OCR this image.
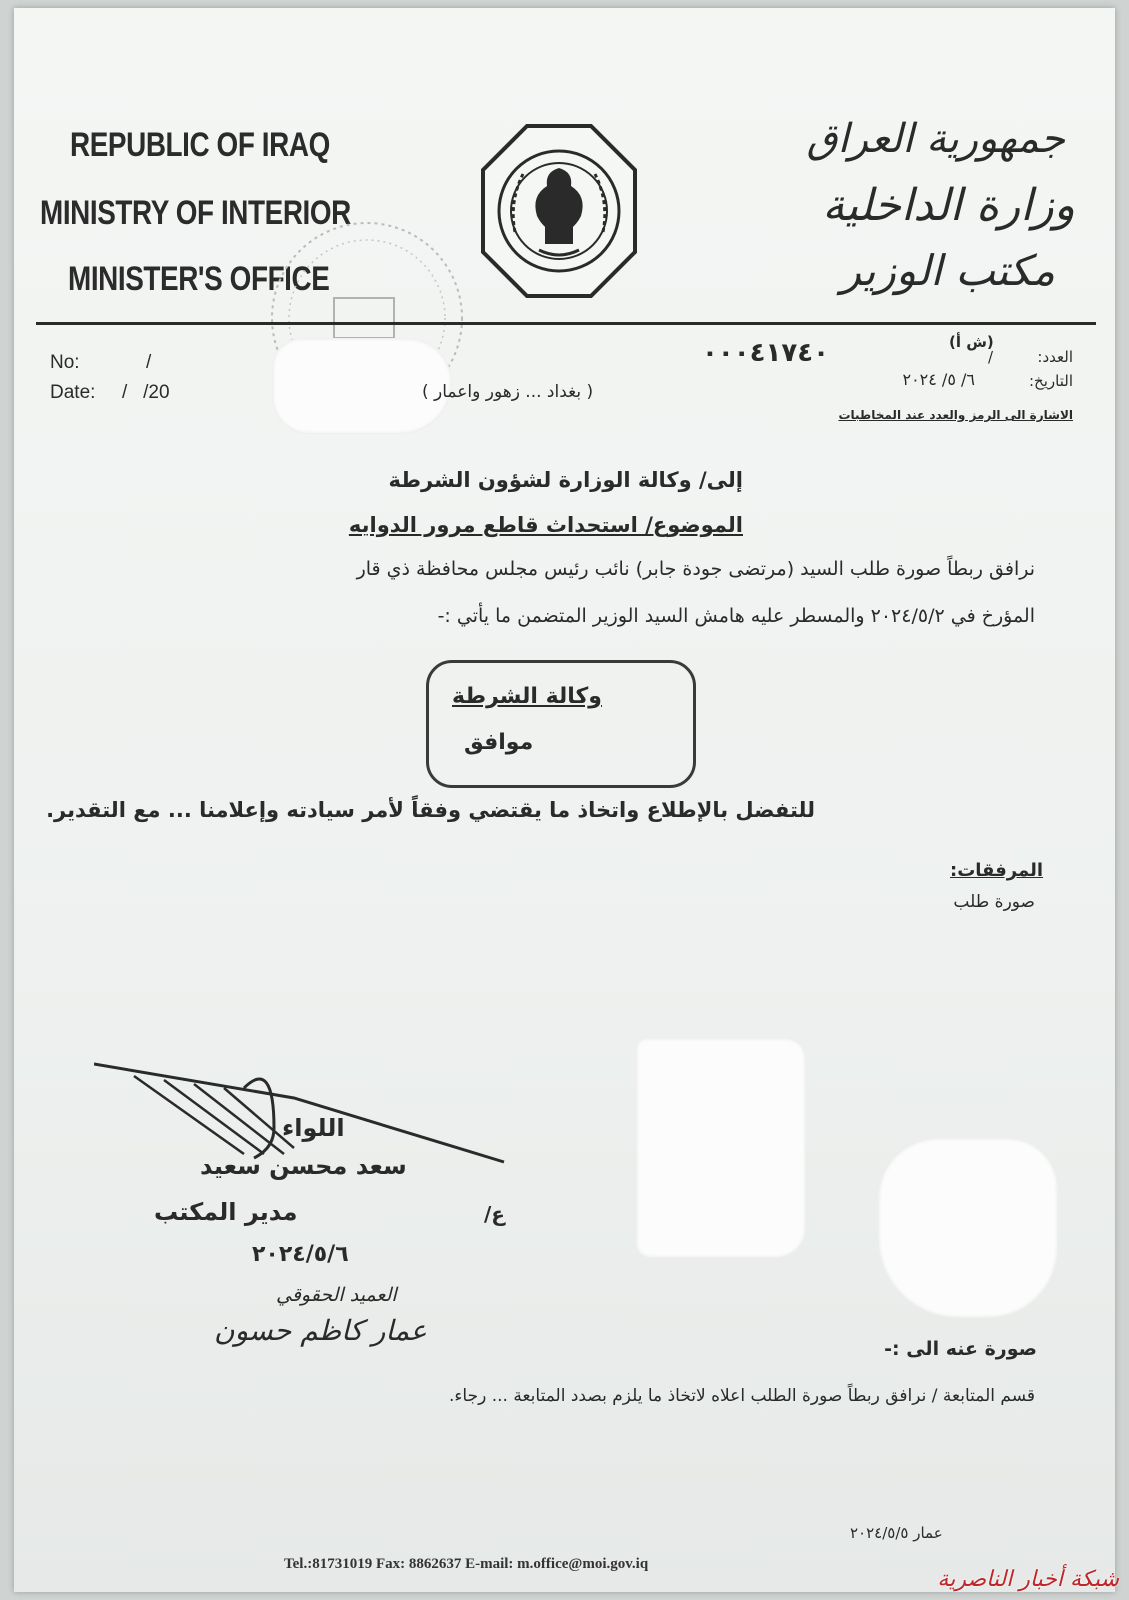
REPUBLIC OF IRAQ
MINISTRY OF INTERIOR
MINISTER'S OFFICE
جمهورية العراق
وزارة الداخلية
مكتب الوزير
No:	/
Date: /   /20	( بغداد ... زهور واعمار )
٠٠٠٤١٧٤٠	(ش أ)
العدد:
/
التاريخ:
٦/ ٥/ ٢٠٢٤
الاشارة الى الرمز والعدد عند المخاطبات
إلى/ وكالة الوزارة لشؤون الشرطة
الموضوع/ استحداث قاطع مرور الدوايه
نرافق ربطاً صورة طلب السيد (مرتضى جودة جابر) نائب رئيس مجلس محافظة ذي قار
المؤرخ في ٢٠٢٤/٥/٢ والمسطر عليه هامش السيد الوزير المتضمن ما يأتي :-
وكالة الشرطة
موافق
للتفضل بالإطلاع واتخاذ ما يقتضي وفقاً لأمر سيادته وإعلامنا ... مع التقدير.
المرفقات:
صورة طلب
اللواء
سعد محسن سعيد
مدير المكتب	ع/
٢٠٢٤/٥/٦
العميد الحقوقي
عمار كاظم حسون
صورة عنه الى :-
قسم المتابعة / نرافق ربطاً صورة الطلب اعلاه لاتخاذ ما يلزم بصدد المتابعة ... رجاء.
عمار ٢٠٢٤/٥/٥
Tel.:81731019 Fax: 8862637 E-mail: m.office@moi.gov.iq
شبكة أخبار الناصرية
